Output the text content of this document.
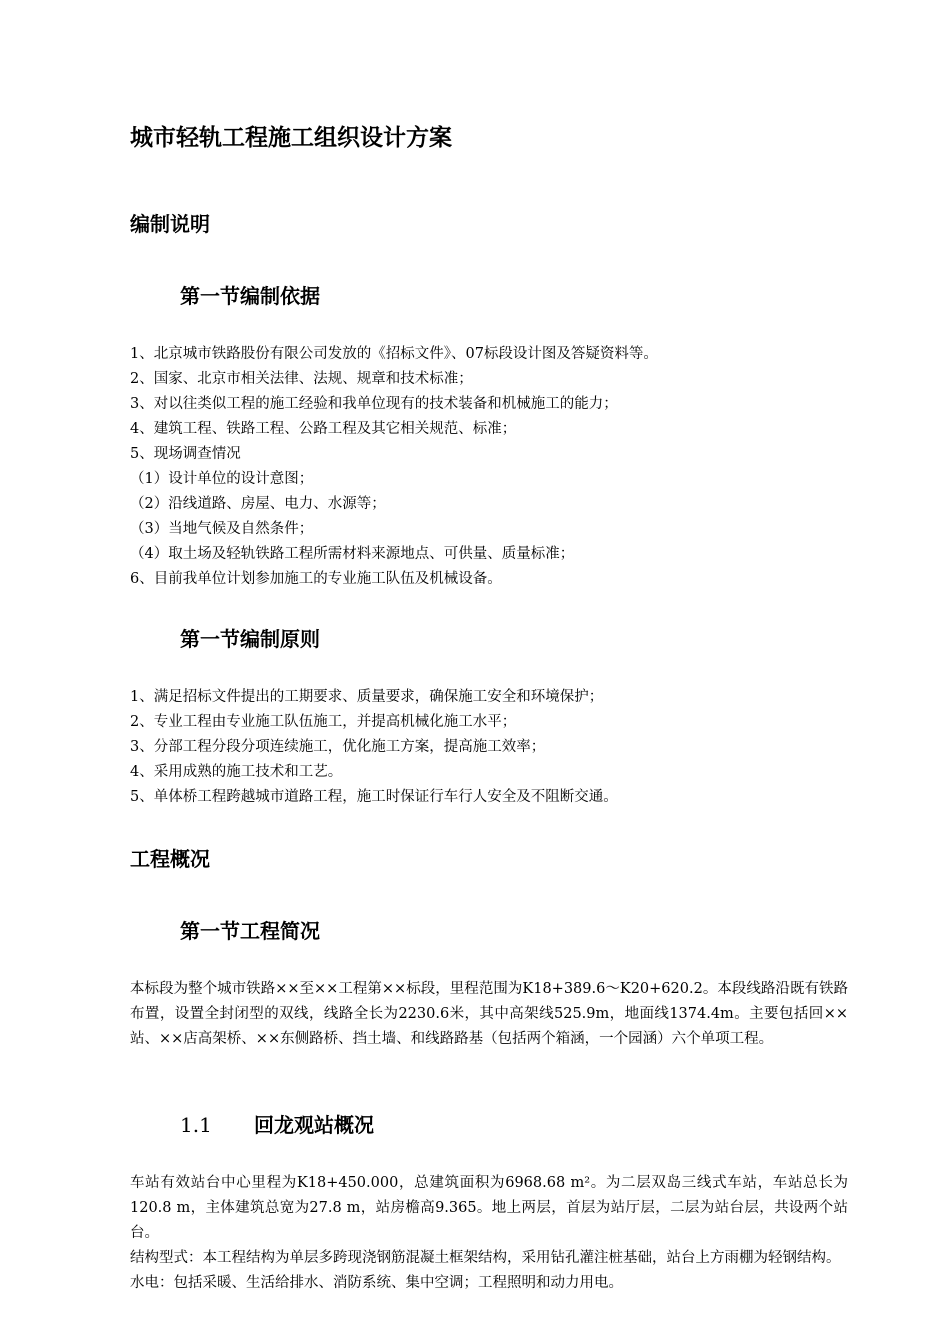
城市轻轨工程施工组织设计方案
编制说明
第一节编制依据
1、北京城市铁路股份有限公司发放的《招标文件》、07标段设计图及答疑资料等。
2、国家、北京市相关法律、法规、规章和技术标准；
3、对以往类似工程的施工经验和我单位现有的技术装备和机械施工的能力；
4、建筑工程、铁路工程、公路工程及其它相关规范、标准；
5、现场调查情况
（1）设计单位的设计意图；
（2）沿线道路、房屋、电力、水源等；
（3）当地气候及自然条件；
（4）取土场及轻轨铁路工程所需材料来源地点、可供量、质量标准；
6、目前我单位计划参加施工的专业施工队伍及机械设备。
第一节编制原则
1、满足招标文件提出的工期要求、质量要求，确保施工安全和环境保护；
2、专业工程由专业施工队伍施工，并提高机械化施工水平；
3、分部工程分段分项连续施工，优化施工方案，提高施工效率；
4、采用成熟的施工技术和工艺。
5、单体桥工程跨越城市道路工程，施工时保证行车行人安全及不阻断交通。
工程概况
第一节工程简况

本标段为整个城市铁路××至××工程第××标段，里程范围为K18+389.6～K20+620.2。本段线路沿既有铁路布置，设置全封闭型的双线，线路全长为2230.6米，其中高架线525.9m，地面线1374.4m。主要包括回××站、××店高架桥、××东侧路桥、挡土墙、和线路路基（包括两个箱涵，一个园涵）六个单项工程。

1.1 回龙观站概况

车站有效站台中心里程为K18+450.000，总建筑面积为6968.68 m²。为二层双岛三线式车站，车站总长为120.8 m，主体建筑总宽为27.8 m，站房檐高9.365。地上两层，首层为站厅层，二层为站台层，共设两个站台。

结构型式：本工程结构为单层多跨现浇钢筋混凝土框架结构，采用钻孔灌注桩基础，站台上方雨棚为轻钢结构。

水电：包括采暖、生活给排水、消防系统、集中空调；工程照明和动力用电。
